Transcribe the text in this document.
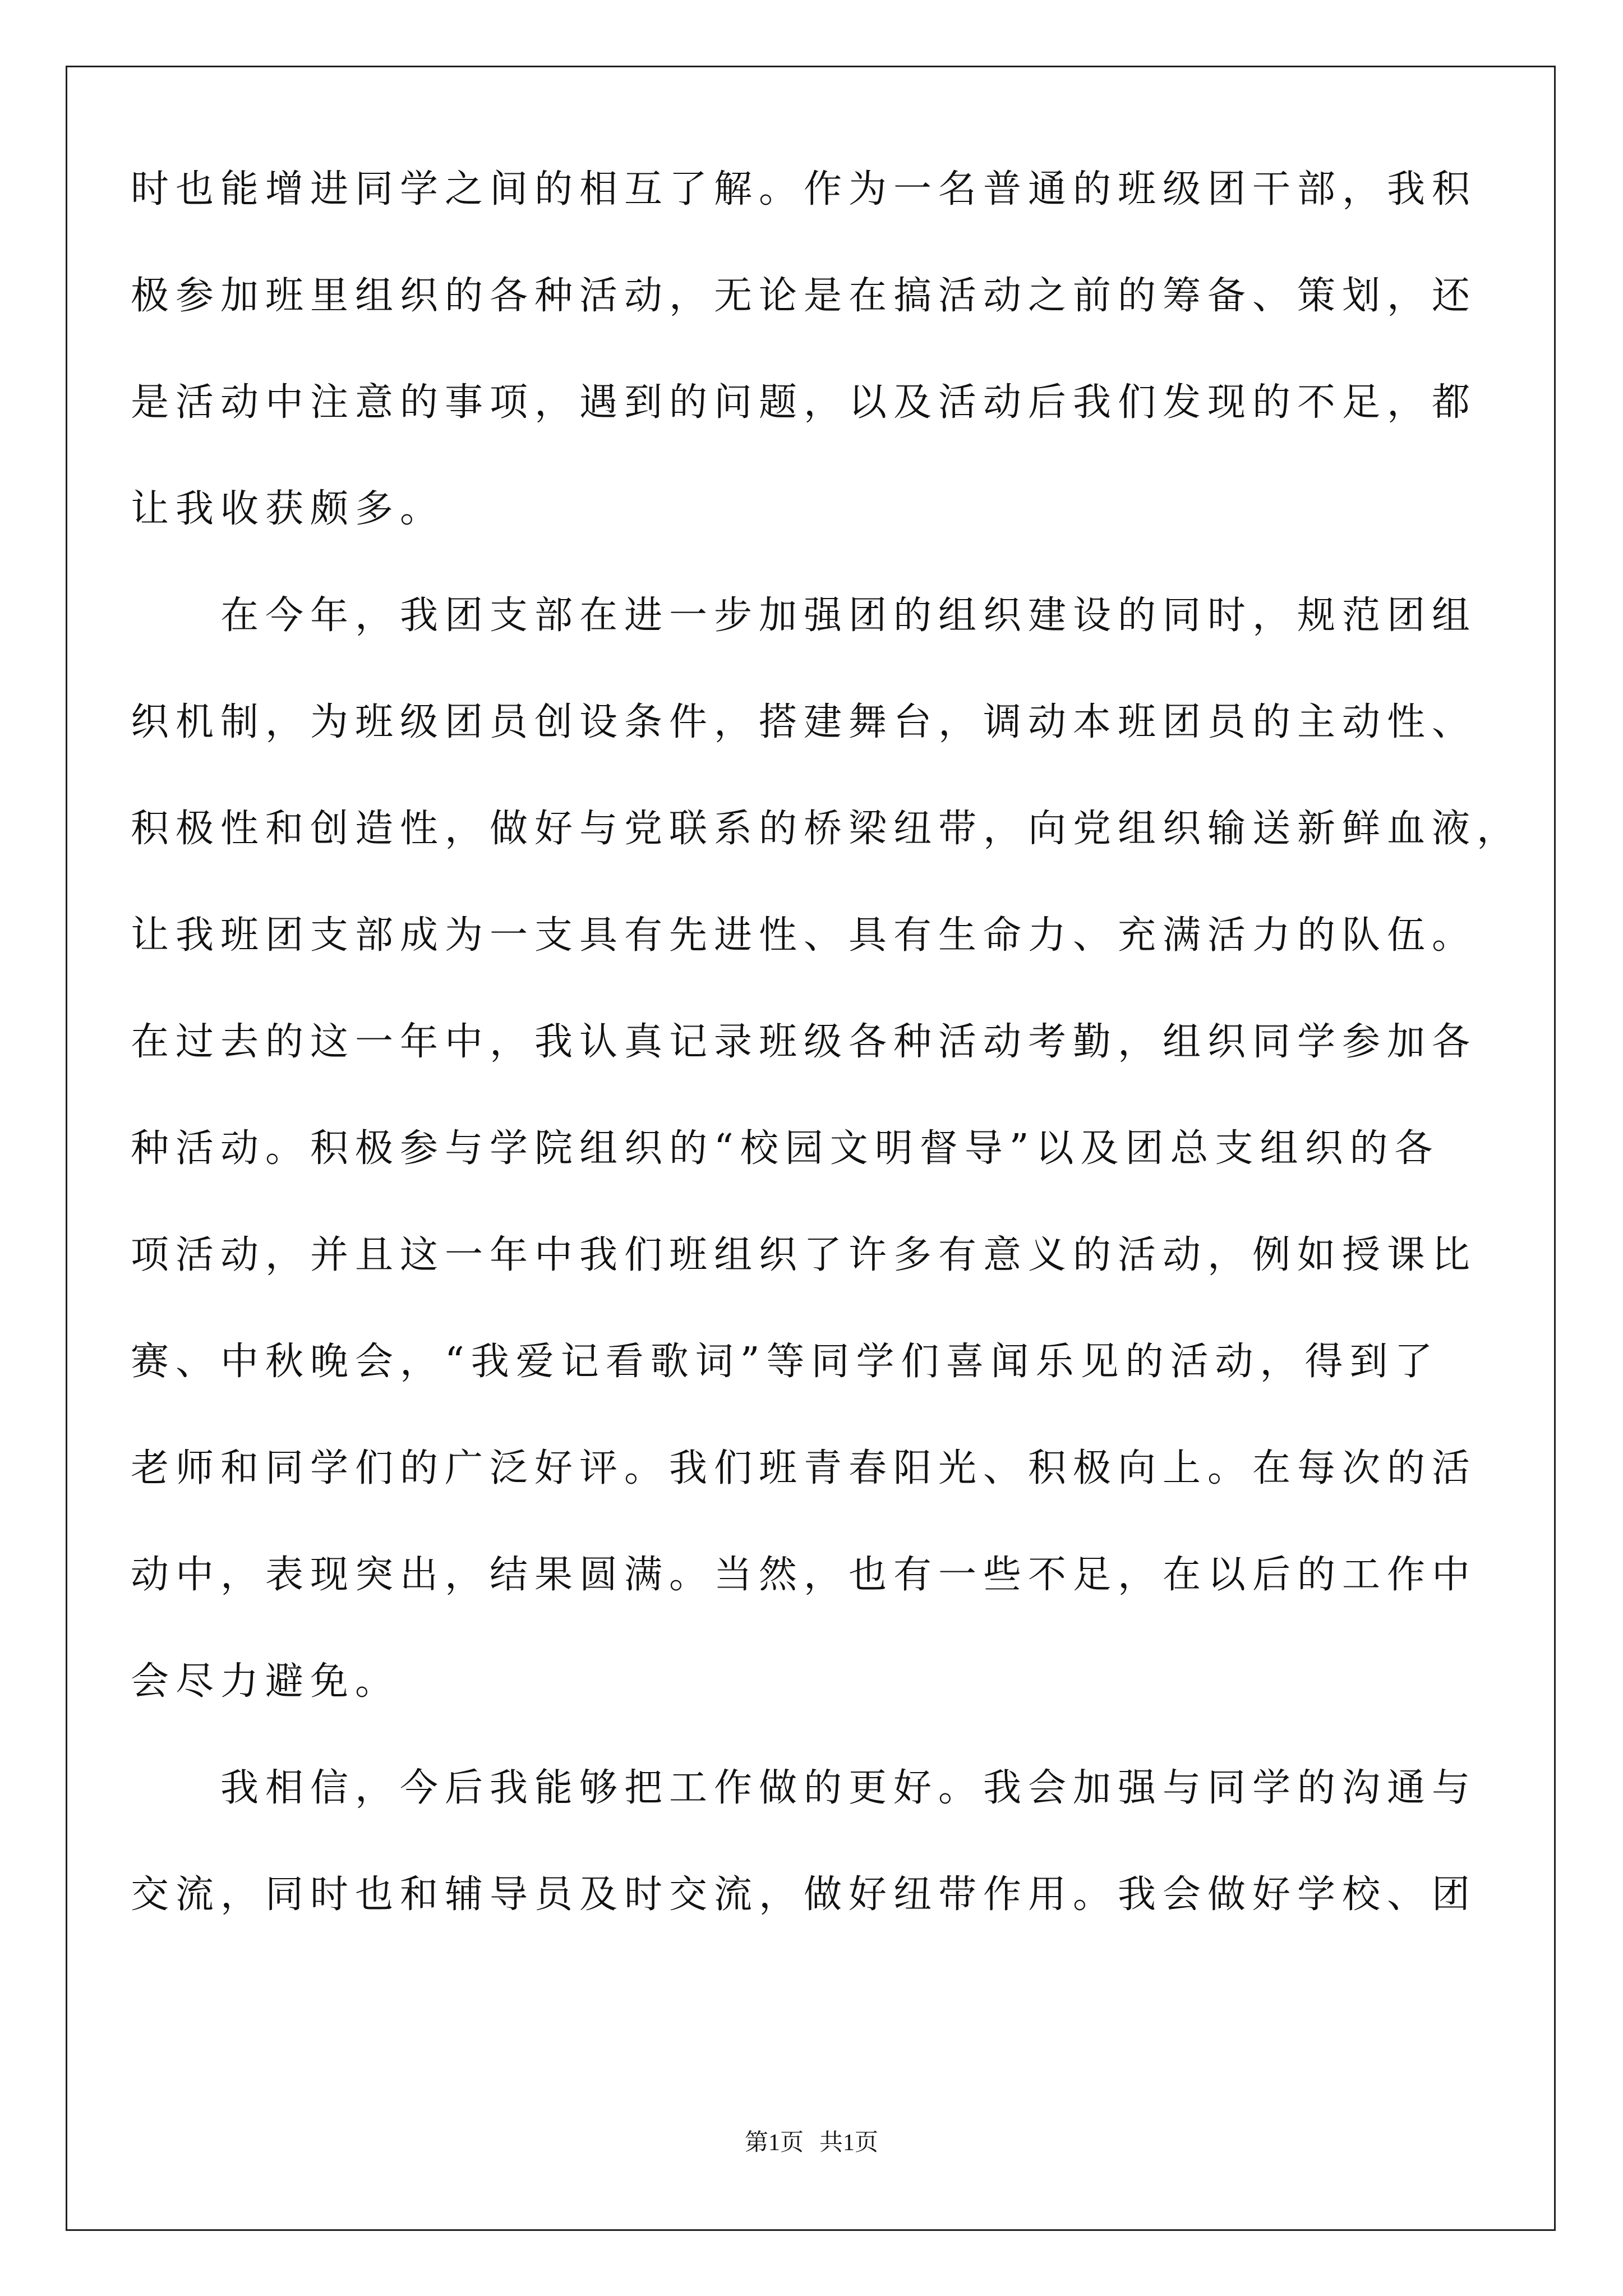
时也能增进同学之间的相互了解。作为一名普通的班级团干部，我积
极参加班里组织的各种活动，无论是在搞活动之前的筹备、策划，还
是活动中注意的事项，遇到的问题，以及活动后我们发现的不足，都
让我收获颇多。
　　在今年，我团支部在进一步加强团的组织建设的同时，规范团组
织机制，为班级团员创设条件，搭建舞台，调动本班团员的主动性、
积极性和创造性，做好与党联系的桥梁纽带，向党组织输送新鲜血液，
让我班团支部成为一支具有先进性、具有生命力、充满活力的队伍。
在过去的这一年中，我认真记录班级各种活动考勤，组织同学参加各
种活动。积极参与学院组织的“校园文明督导”以及团总支组织的各
项活动，并且这一年中我们班组织了许多有意义的活动，例如授课比
赛、中秋晚会，“我爱记看歌词”等同学们喜闻乐见的活动，得到了
老师和同学们的广泛好评。我们班青春阳光、积极向上。在每次的活
动中，表现突出，结果圆满。当然，也有一些不足，在以后的工作中
会尽力避免。
　　我相信，今后我能够把工作做的更好。我会加强与同学的沟通与
交流，同时也和辅导员及时交流，做好纽带作用。我会做好学校、团
第1页 共1页
